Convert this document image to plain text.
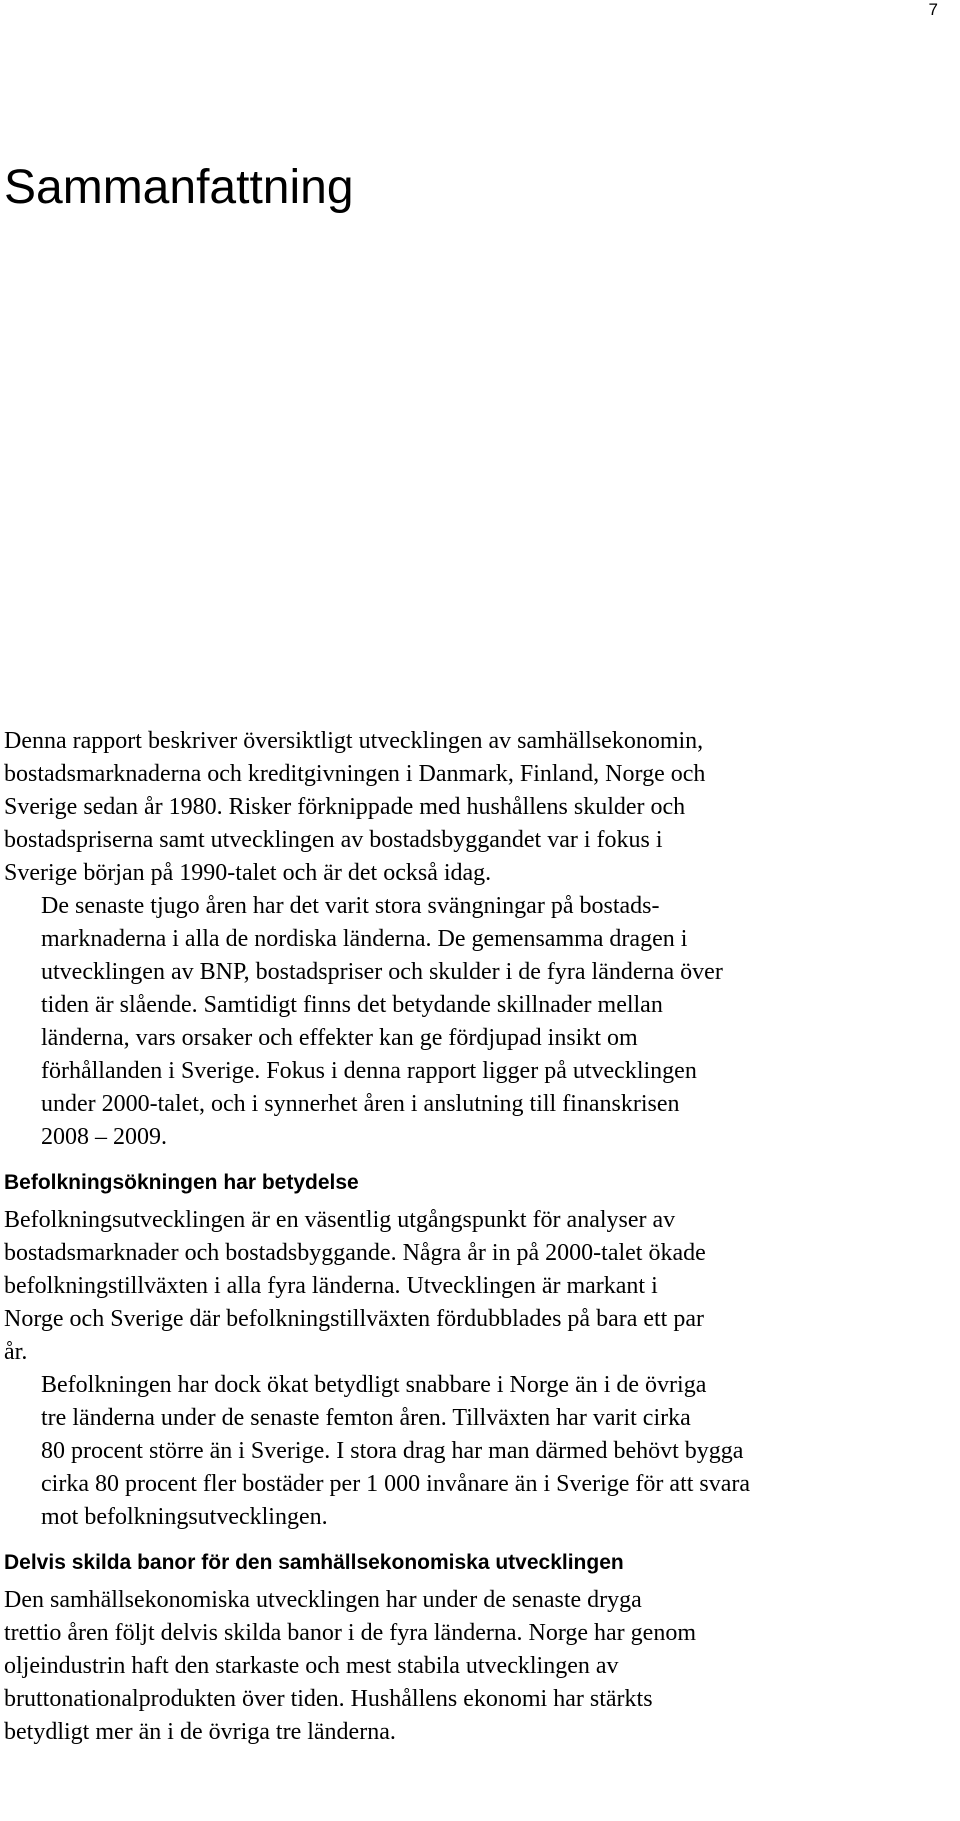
7
Sammanfattning

Denna rapport beskriver översiktligt utvecklingen av samhällsekonomin,
bostadsmarknaderna och kreditgivningen i Danmark, Finland, Norge och
Sverige sedan år 1980. Risker förknippade med hushållens skulder och
bostadspriserna samt utvecklingen av bostadsbyggandet var i fokus i
Sverige början på 1990-talet och är det också idag.

De senaste tjugo åren har det varit stora svängningar på bostads-
marknaderna i alla de nordiska länderna. De gemensamma dragen i
utvecklingen av BNP, bostadspriser och skulder i de fyra länderna över
tiden är slående. Samtidigt finns det betydande skillnader mellan
länderna, vars orsaker och effekter kan ge fördjupad insikt om
förhållanden i Sverige. Fokus i denna rapport ligger på utvecklingen
under 2000-talet, och i synnerhet åren i anslutning till finanskrisen
2008 – 2009.

Befolkningsökningen har betydelse

Befolkningsutvecklingen är en väsentlig utgångspunkt för analyser av
bostadsmarknader och bostadsbyggande. Några år in på 2000-talet ökade
befolkningstillväxten i alla fyra länderna. Utvecklingen är markant i
Norge och Sverige där befolkningstillväxten fördubblades på bara ett par
år.

Befolkningen har dock ökat betydligt snabbare i Norge än i de övriga
tre länderna under de senaste femton åren. Tillväxten har varit cirka
80 procent större än i Sverige. I stora drag har man därmed behövt bygga
cirka 80 procent fler bostäder per 1 000 invånare än i Sverige för att svara
mot befolkningsutvecklingen.

Delvis skilda banor för den samhällsekonomiska utvecklingen

Den samhällsekonomiska utvecklingen har under de senaste dryga
trettio åren följt delvis skilda banor i de fyra länderna. Norge har genom
oljeindustrin haft den starkaste och mest stabila utvecklingen av
bruttonationalprodukten över tiden. Hushållens ekonomi har stärkts
betydligt mer än i de övriga tre länderna.
